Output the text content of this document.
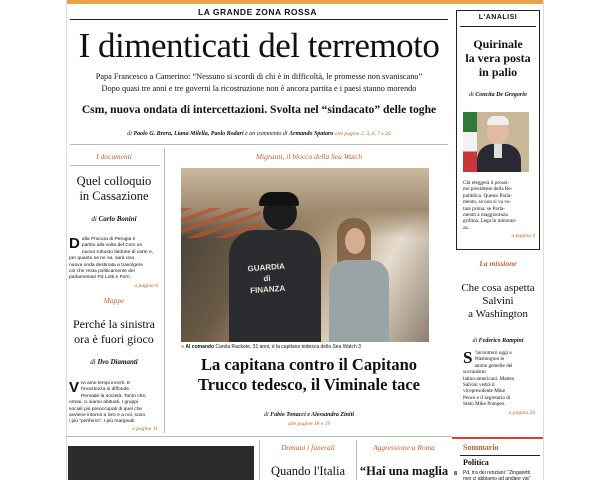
LA GRANDE ZONA ROSSA
I dimenticati del terremoto
Papa Francesco a Camerino: “Nessuno si scordi di chi è in difficoltà, le promesse non svaniscano”
Dopo quasi tre anni e tre governi la ricostruzione non è ancora partita e i paesi stanno morendo
Csm, nuova ondata di intercettazioni. Svolta nel “sindacato” delle toghe
di Paolo G. Brera, Liana Milella, Paolo Rodari e un commento di Armando Spataro alle pagine 2, 3, 6, 7 e 26
L'ANALISI
Quirinale
la vera posta
in palio
di Concita De Gregorio
Chi eleggerà il prossi-
mo presidente della Re-
pubblica. Questo Parla-
mento, se non si va vo-
tare prima: se Parla-
mento a maggioranza
grillina, Lega in minoran-
za.
a pagina 4
La missione
Che cosa aspetta
Salvini
a Washington
di Federico Rampini
S ’incontrerò oggi a
Washington le
anime gemelle dei
sovranismi
latino-americani. Matteo
Salvini vedrà il
vicepresidente Mike
Pence e il segretario di
Stato Mike Pompeo.
a pagina 26
Sommario
Politica
8 Pd, tra dei renziani: “Zingaretti
non ci abbiamo ad andare via”
I documenti
Quel colloquio
in Cassazione
di Carlo Bonini
D alla Procura di Perugia è
partito alla volta del Csm un
nuovo robusto faldone di carte e,
per quanto se ne sa, sarà una
nuova onda destinata a travolgere
ciò che resta politicamente dei
parlamentari Pd Lotti e Ferri.
a pagina 6
Mappe
Perché la sinistra
ora è fuori gioco
di Ilvo Diamanti
V ivi amo tempi incerti. E
l'incertezza si diffonde.
Pervade la società. Tanto che,
ormai, ci siamo abituati. I gruppi
sociali più preoccupati di quel che
avviene intorno a loro e a noi, sono
i più “periferici”. I più marginali.
a pagina 11
Migranti, il blocco della Sea Watch
GUARDIA
di
FINANZA
■ Al comando Carola Rackete, 31 anni, è la capitana tedesca della Sea Watch 3
La capitana contro il Capitano
Trucco tedesco, il Viminale tace
di Fabio Tonacci e Alessandra Ziniti
alle pagine 18 e 19
Domani i funerali
Quando l'Italia
Aggressione a Roma
“Hai una maglia
